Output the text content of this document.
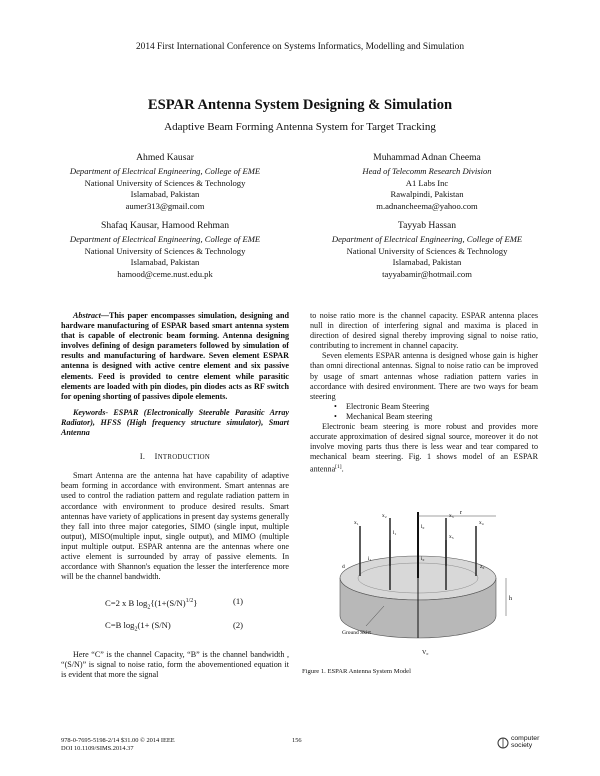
2014 First International Conference on Systems Informatics, Modelling and Simulation
ESPAR Antenna System Designing & Simulation
Adaptive Beam Forming Antenna System for Target Tracking
Ahmed Kausar
Department of Electrical Engineering, College of EME
National University of Sciences & Technology
Islamabad, Pakistan
aumer313@gmail.com
Muhammad Adnan Cheema
Head of Telecomm Research Division
A1 Labs Inc
Rawalpindi, Pakistan
m.adnancheema@yahoo.com
Shafaq Kausar, Hamood Rehman
Department of Electrical Engineering, College of EME
National University of Sciences & Technology
Islamabad, Pakistan
hamood@ceme.nust.edu.pk
Tayyab Hassan
Department of Electrical Engineering, College of EME
National University of Sciences & Technology
Islamabad, Pakistan
tayyabamir@hotmail.com

Abstract—This paper encompasses simulation, designing and hardware manufacturing of ESPAR based smart antenna system that is capable of electronic beam forming. Antenna designing involves defining of design parameters followed by simulation of results and manufacturing of hardware. Seven element ESPAR antenna is designed with active centre element and six passive elements. Feed is provided to centre element while parasitic elements are loaded with pin diodes, pin diodes acts as RF switch for opening shorting of passives dipole elements.

Keywords- ESPAR (Electronically Steerable Parasitic Array Radiator), HFSS (High frequency structure simulator), Smart Antenna

I. INTRODUCTION

Smart Antenna are the antenna hat have capability of adaptive beam forming in accordance with environment. Smart antennas are used to control the radiation pattern and regulate radiation pattern in accordance with environment to produce desired results. Smart antennas have variety of applications in present day systems generally they fall into three major categories, SIMO (single input, multiple output), MISO(multiple input, single output), and MIMO (multiple input multiple output. ESPAR antenna are the antennas where one active element is surrounded by array of passive elements. In accordance with Shannon's equation the lesser the interference more will be the channel bandwidth.

C=2 x B $\log_2\{(1+(S/N)^{1/2}\}$	(1)
C=B $\log_2(1+ (S/N)$	(2)

Here “C” is the channel Capacity, “B” is the channel bandwidth , “(S/N)” is signal to noise ratio, form the abovementioned equation it is evident that more the signal

to noise ratio more is the channel capacity. ESPAR antenna places null in direction of interfering signal and maxima is placed in direction of desired signal thereby improving signal to noise ratio, contributing to increment in channel capacity.

Seven elements ESPAR antenna is designed whose gain is higher than omni directional antennas. Signal to noise ratio can be improved by usage of smart antennas whose radiation pattern varies in accordance with desired environment. There are two ways for beam steering

• Electronic Beam Steering
• Mechanical Beam steering

Electronic beam steering is more robust and provides more accurate approximation of desired signal source, moreover it do not involve moving parts thus there is less wear and tear compared to mechanical beam steering. Fig. 1 shows model of an ESPAR antenna[1].

r
h
V₀
x₁
x₂	x₃
x₄
x₅
l₀
l₁
i₀
i₁
d	z₀
Ground Skirt
Figure 1. ESPAR Antenna System Model
978-0-7695-5198-2/14 $31.00 © 2014 IEEE
DOI 10.1109/SIMS.2014.37
156	computer
society
